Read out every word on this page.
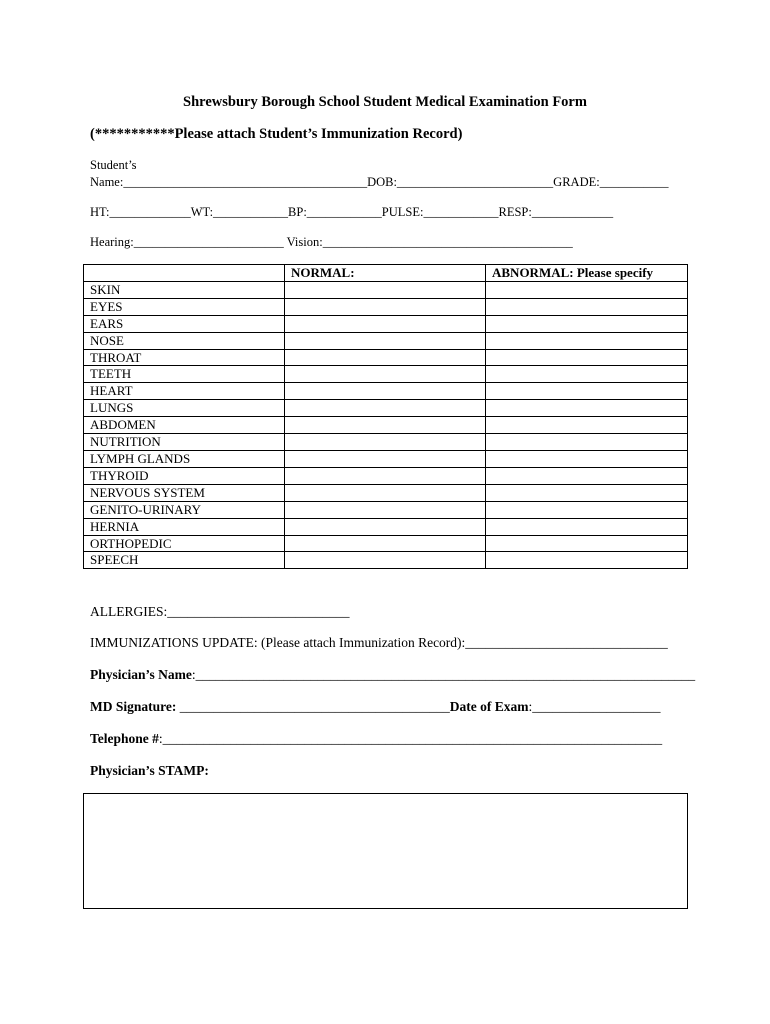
Shrewsbury Borough School Student Medical Examination Form
(***********Please attach Student’s Immunization Record)
Student’s
Name:_______________________________________DOB:_________________________GRADE:___________
HT:_____________WT:____________BP:____________PULSE:____________RESP:_____________
Hearing:________________________ Vision:________________________________________
	NORMAL:	ABNORMAL: Please specify
SKIN		
EYES		
EARS		
NOSE		
THROAT		
TEETH		
HEART		
LUNGS		
ABDOMEN		
NUTRITION		
LYMPH GLANDS		
THYROID		
NERVOUS SYSTEM		
GENITO-URINARY		
HERNIA		
ORTHOPEDIC		
SPEECH		
ALLERGIES:___________________________
IMMUNIZATIONS UPDATE: (Please attach Immunization Record):______________________________
Physician’s Name:__________________________________________________________________________
MD Signature: ________________________________________Date of Exam:___________________
Telephone #:__________________________________________________________________________
Physician’s STAMP:
